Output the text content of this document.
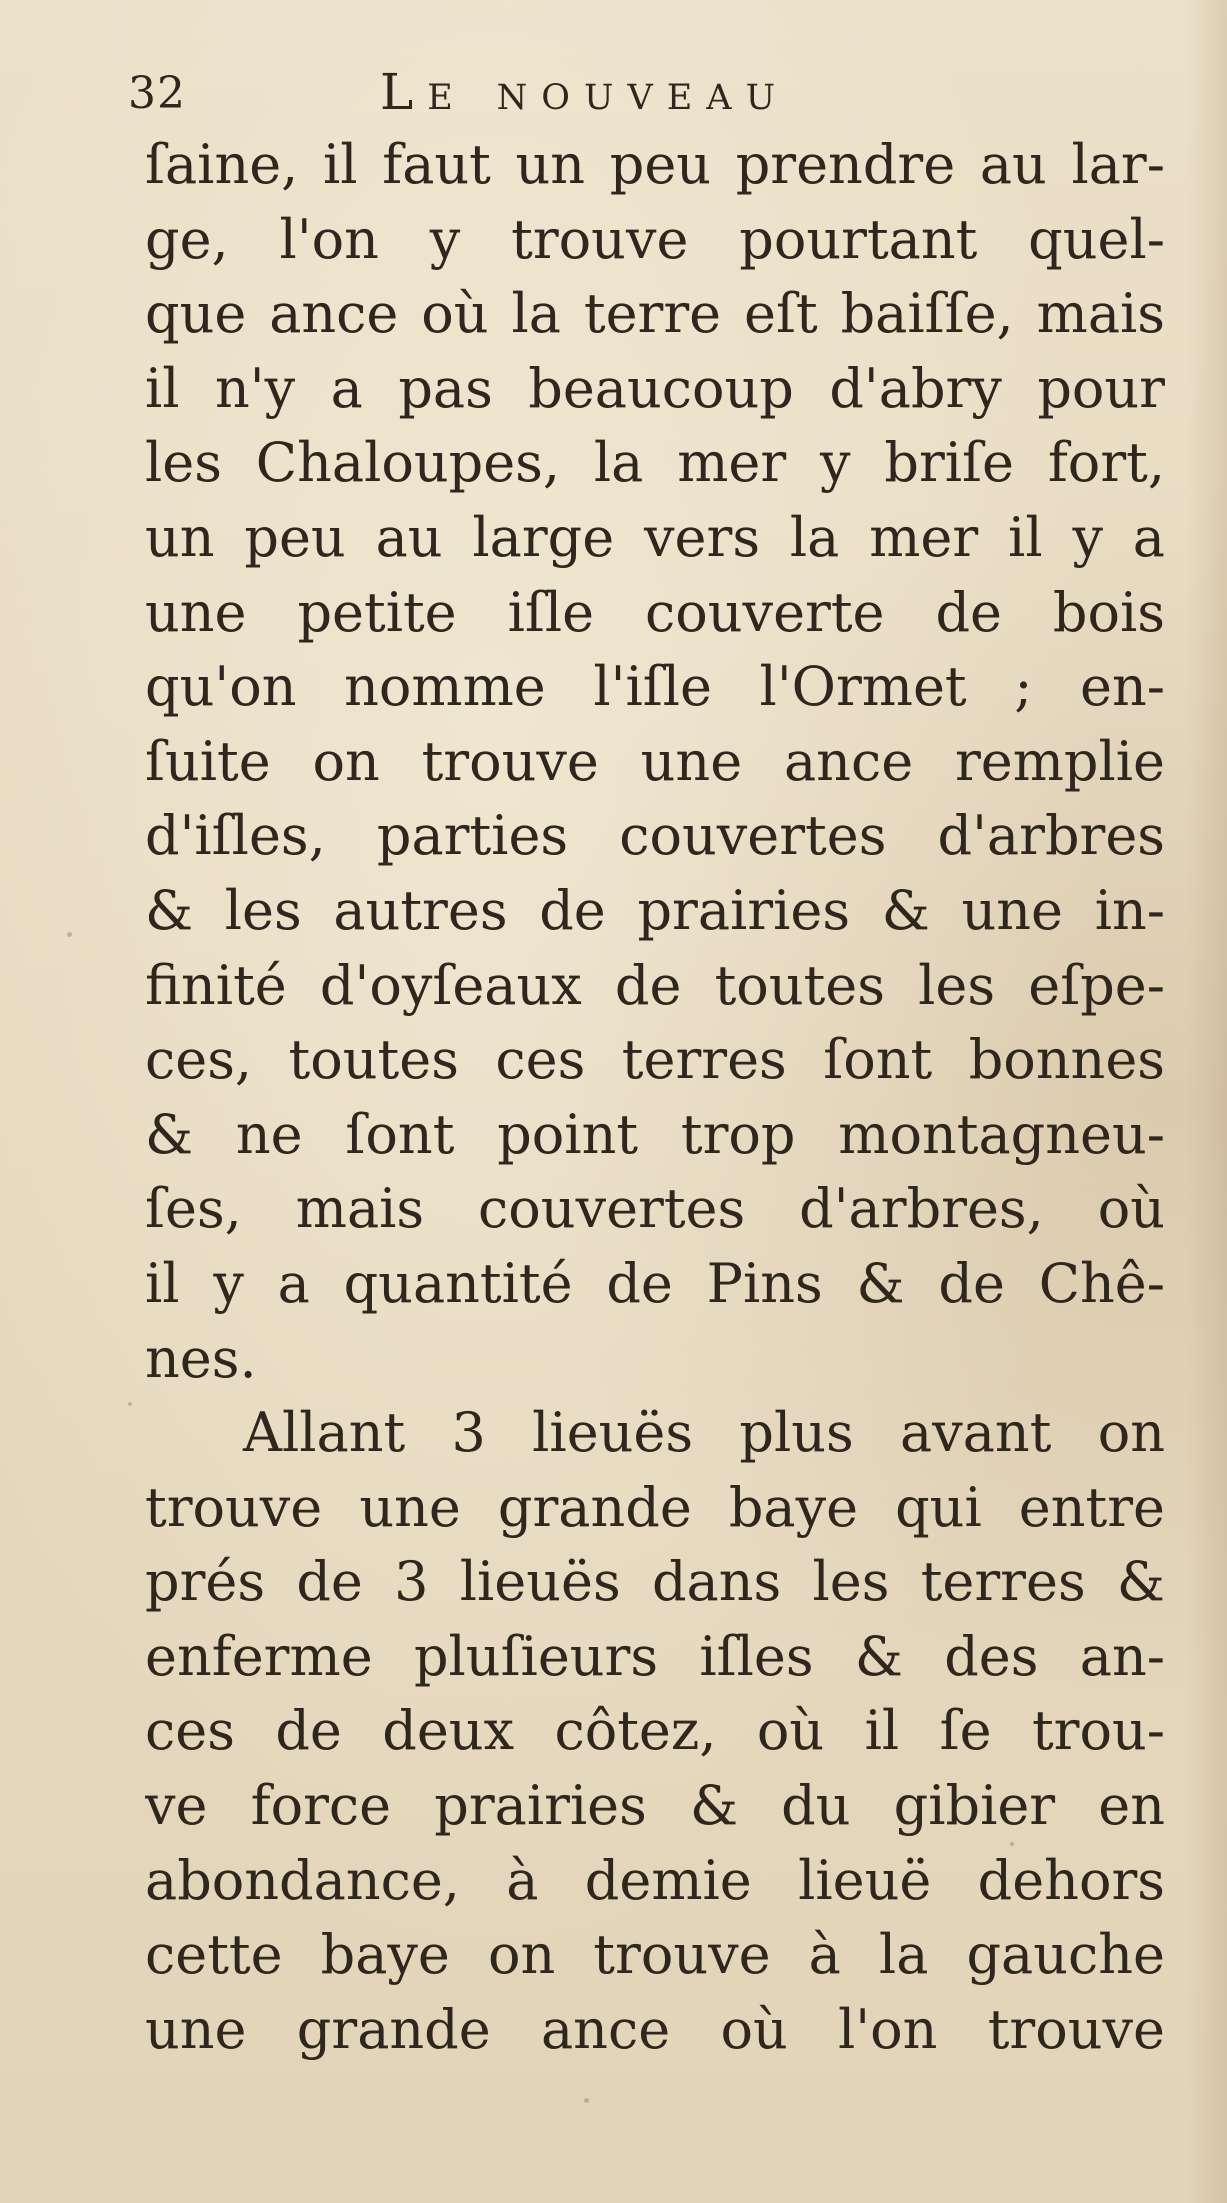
32	Le nouveau
ſaine, il faut un peu prendre au lar-
ge, l'on y trouve pourtant quel-
que ance où la terre eſt baiſſe, mais
il n'y a pas beaucoup d'abry pour
les Chaloupes, la mer y briſe fort,
un peu au large vers la mer il y a
une petite iſle couverte de bois
qu'on nomme l'iſle l'Ormet ; en-
ſuite on trouve une ance remplie
d'iſles, parties couvertes d'arbres
& les autres de prairies & une in-
finité d'oyſeaux de toutes les eſpe-
ces, toutes ces terres ſont bonnes
& ne ſont point trop montagneu-
ſes, mais couvertes d'arbres, où
il y a quantité de Pins & de Chê-
nes.
Allant 3 lieuës plus avant on
trouve une grande baye qui entre
prés de 3 lieuës dans les terres &
enferme pluſieurs iſles & des an-
ces de deux côtez, où il ſe trou-
ve force prairies & du gibier en
abondance, à demie lieuë dehors
cette baye on trouve à la gauche
une grande ance où l'on trouve
